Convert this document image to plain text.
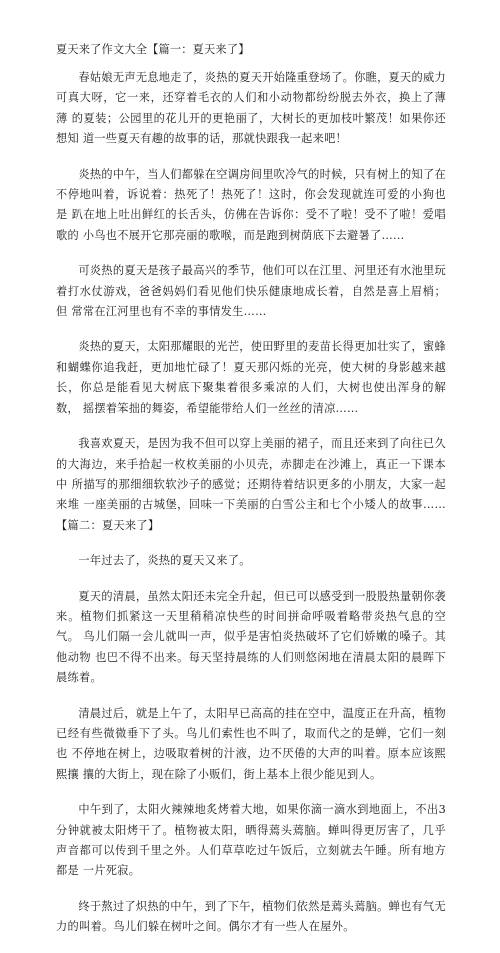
夏天来了作文大全【篇一：夏天来了】

春姑娘无声无息地走了，炎热的夏天开始隆重登场了。你瞧，夏天的威力 可真大呀，它一来，还穿着毛衣的人们和小动物都纷纷脱去外衣，换上了薄薄 的夏装；公园里的花儿开的更艳丽了，大树长的更加枝叶繁茂！如果你还想知 道一些夏天有趣的故事的话，那就快跟我一起来吧！

炎热的中午，当人们都躲在空调房间里吹冷气的时候，只有树上的知了在 不停地叫着，诉说着：热死了！热死了！这时，你会发现就连可爱的小狗也是 趴在地上吐出鲜红的长舌头，仿佛在告诉你：受不了啦！受不了啦！爱唱歌的 小鸟也不展开它那亮丽的歌喉，而是跑到树荫底下去避暑了……

可炎热的夏天是孩子最高兴的季节，他们可以在江里、河里还有水池里玩 着打水仗游戏，爸爸妈妈们看见他们快乐健康地成长着，自然是喜上眉梢；但 常常在江河里也有不幸的事情发生……

炎热的夏天，太阳那耀眼的光芒，使田野里的麦苗长得更加壮实了，蜜蜂 和蝴蝶你追我赶，更加地忙碌了！夏天那闪烁的光亮，使大树的身影越来越 长，你总是能看见大树底下聚集着很多乘凉的人们，大树也使出浑身的解数， 摇摆着笨拙的舞姿，希望能带给人们一丝丝的清凉……

我喜欢夏天，是因为我不但可以穿上美丽的裙子，而且还来到了向往已久 的大海边，来手拾起一枚枚美丽的小贝壳，赤脚走在沙滩上，真正一下课本中 所描写的那细细软软沙子的感觉；还期待着结识更多的小朋友，大家一起来堆 一座美丽的古城堡，回味一下美丽的白雪公主和七个小矮人的故事……【篇二：夏天来了】

一年过去了，炎热的夏天又来了。

夏天的清晨，虽然太阳还未完全升起，但已可以感受到一股股热量朝你袭 来。植物们抓紧这一天里稍稍凉快些的时间拼命呼吸着略带炎热气息的空气。 鸟儿们隔一会儿就叫一声，似乎是害怕炎热破坏了它们娇嫩的嗓子。其他动物 也巴不得不出来。每天坚持晨练的人们则悠闲地在清晨太阳的晨晖下晨练着。

清晨过后，就是上午了，太阳早已高高的挂在空中，温度正在升高，植物 已经有些微微垂下了头。鸟儿们索性也不叫了，取而代之的是蝉，它们一刻也 不停地在树上，边吸取着树的汁液，边不厌倦的大声的叫着。原本应该熙熙攘 攘的大街上，现在除了小贩们，街上基本上很少能见到人。

中午到了，太阳火辣辣地炙烤着大地，如果你滴一滴水到地面上，不出3 分钟就被太阳烤干了。植物被太阳，晒得蔫头蔫脑。蝉叫得更厉害了，几乎声音都可以传到千里之外。人们草草吃过午饭后，立刻就去午睡。所有地方都是 一片死寂。

终于熬过了炽热的中午，到了下午，植物们依然是蔫头蔫脑。蝉也有气无 力的叫着。鸟儿们躲在树叶之间。偶尔才有一些人在屋外。
